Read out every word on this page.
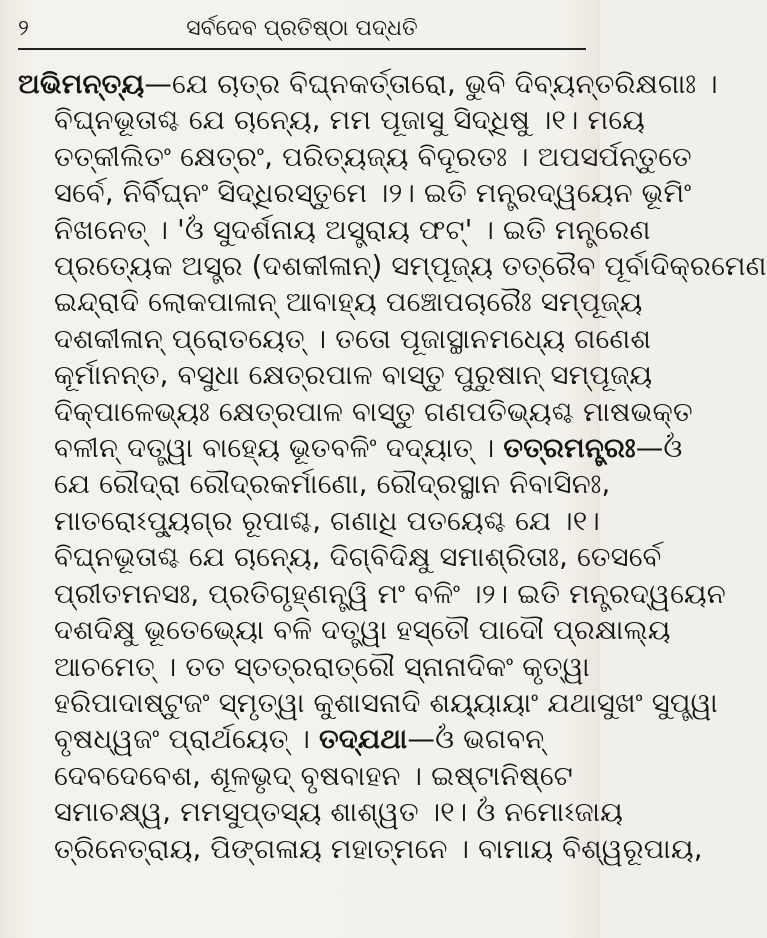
୨	ସର୍ବଦେବ ପ୍ରତିଷ୍ଠା ପଦ୍ଧତି
ଅଭିମନ୍ତ୍ୟ—ଯେ ଚାତ୍ର ବିଘ୍ନକର୍ତ୍ତାରୋ, ଭୁବି ଦିବ୍ୟନ୍ତରିକ୍ଷଗାଃ ।
ବିଘ୍ନଭୂତାଶ୍ଚ ଯେ ଚାନ୍ୟେ, ମମ ପୂଜାସୁ ସିଦ୍ଧିଷୁ ।୧। ମୟେ
ତତ୍‌କୀଲିତଂ କ୍ଷେତ୍ରଂ, ପରିତ୍ୟଜ୍ୟ ବିଦୂରତଃ । ଅପସର୍ପନ୍ତୁତେ
ସର୍ବେ, ନିର୍ବିଘ୍ନଂ ସିଦ୍ଧିରସ୍ତୁମେ ।୨। ଇତି ମନ୍ତ୍ରଦ୍ୱୟେନ ଭୂମିଂ
ନିଖନେତ୍ । 'ଓଁ ସୁଦର୍ଶନାୟ ଅସ୍ତ୍ରାୟ ଫଟ୍' । ଇତି ମନ୍ତ୍ରେଣ
ପ୍ରତ୍ୟେକ ଅସ୍ତ୍ର (ଦଶକୀଳାନ୍) ସମ୍ପୂଜ୍ୟ ତତ୍ରୈବ ପୂର୍ବାଦିକ୍ରମେଣ
ଇନ୍ଦ୍ରାଦି ଲୋକପାଳାନ୍ ଆବାହ୍ୟ ପଞ୍ଚୋପଚାରୈଃ ସମ୍ପୂଜ୍ୟ
ଦଶକୀଳାନ୍ ପ୍ରୋତୟେତ୍ । ତତୋ ପୂଜାସ୍ଥାନମଧ୍ୟେ ଗଣେଶ
କୂର୍ମାନନ୍ତ, ବସୁଧା କ୍ଷେତ୍ରପାଳ ବାସ୍ତୁ ପୁରୁଷାନ୍ ସମ୍ପୂଜ୍ୟ
ଦିକ୍‌ପାଳେଭ୍ୟଃ କ୍ଷେତ୍ରପାଳ ବାସ୍ତୁ ଗଣପତିଭ୍ୟଶ୍ଚ ମାଷଭକ୍ତ
ବଳୀନ୍ ଦତ୍ତ୍ୱା ବାହ୍ୟେ ଭୂତବଳିଂ ଦଦ୍ୟାତ୍ । ତତ୍ରମନ୍ତ୍ରଃ—ଓଁ
ଯେ ରୌଦ୍ରା ରୌଦ୍ରକର୍ମାଣୋ, ରୌଦ୍ରସ୍ଥାନ ନିବାସିନଃ,
ମାତରୋଽପ୍ୟୁଗ୍ର ରୂପାଶ୍ଚ, ଗଣାଧି ପତୟେଶ୍ଚ ଯେ ।୧।
ବିଘ୍ନଭୂତାଶ୍ଚ ଯେ ଚାନ୍ୟେ, ଦିଗ୍‌ବିଦିକ୍ଷୁ ସମାଶ୍ରିତାଃ, ତେସର୍ବେ
ପ୍ରୀତମନସଃ, ପ୍ରତିଗୃହ୍ଣନ୍ତ୍ୱି ମଂ ବଳିଂ ।୨। ଇତି ମନ୍ତ୍ରଦ୍ୱୟେନ
ଦଶଦିକ୍ଷୁ ଭୂତେଭ୍ୟୋ ବଳି ଦତ୍ତ୍ୱା ହସ୍ତୌ ପାଦୌ ପ୍ରକ୍ଷାଲ୍ୟ
ଆଚମେତ୍ । ତତ ସ୍ତତ୍ରରାତ୍ରୌ ସ୍ନାନାଦିକଂ କୃତ୍ୱା
ହରିପାଦାଷ୍ଟୁଜଂ ସ୍ମୃତ୍ୱା କୁଶାସନାଦି ଶୟ୍ୟାୟାଂ ଯଥାସୁଖଂ ସୁପ୍ତ୍ୱା
ବୃଷଧ୍ୱଜଂ ପ୍ରାର୍ଥୟେତ୍ । ତଦ୍‌ଯଥା—ଓଁ ଭଗବନ୍
ଦେବଦେବେଶ, ଶୂଳଭୃଦ୍ ବୃଷବାହନ । ଇଷ୍ଟାନିଷ୍ଟେ
ସମାଚକ୍ଷ୍ୱ, ମମସୁପ୍ତସ୍ୟ ଶାଶ୍ୱତ ।୧। ଓଁ ନମୋଽଜାୟ
ତ୍ରିନେତ୍ରାୟ, ପିଙ୍ଗଳାୟ ମହାତ୍ମନେ । ବାମାୟ ବିଶ୍ୱରୂପାୟ,
